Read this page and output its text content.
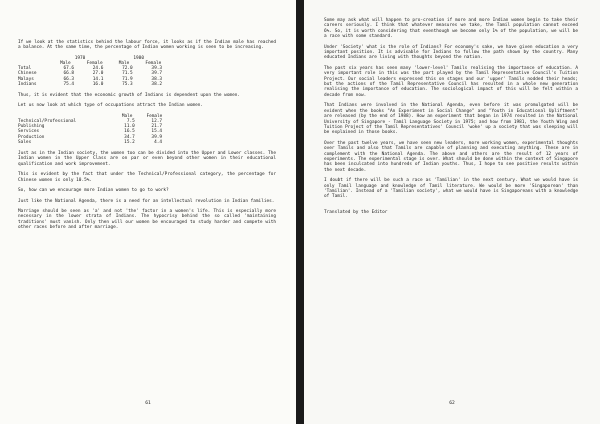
If we look at the statistics behind the labour force, it looks as if the Indian male has reached a balance. At the same time, the percentage of Indian women working is seen to be increasing.

	1970		1980	
	Male	Female	Male	Female
Total	67.6	24.6	72.0	39.3
Chinese	66.8	27.0	71.5	39.7
Malays	66.3	14.1	71.9	38.3
Indians	75.4	16.0	75.3	38.2

Thus, it is evident that the economic growth of Indians is dependent upon the women.

Let us now look at which type of occupations attract the Indian women.

	Male	Female
Technical/Professional	7.5	12.7
Publishing	11.0	21.7
Services	16.5	15.4
Production	34.7	39.9
Sales	15.2	4.4

Just as in the Indian society, the women too can be divided into the Upper and Lower classes. The Indian women in the Upper Class are on par or even beyond other women in their educational qualification and work improvement.

This is evident by the fact that under the Technical/Professional category, the percentage for Chinese women is only 10.5%.

So, how can we encourage more Indian women to go to work?

Just like the National Agenda, there is a need for an intellectual revolution in Indian families.

Marriage should be seen as 'a' and not 'the' factor in a women's life. This is especially more necessary in the lower strata of Indians. The hypocrisy behind the so called 'maintaining traditions' must vanish. Only then will our women be encouraged to study harder and compete with other races before and after marriage.

61

Some may ask what will happen to pro-creation if more and more Indian women begin to take their careers seriously. I think that whatever measures we take, the Tamil population cannot exceed 6%. So, it is worth considering that eventhough we become only 1% of the population, we will be a race with some standard.

Under 'Society' what is the role of Indians? For economy's sake, we have given education a very important position. It is advisable for Indians to follow the path shown by the country. Many educated Indians are living with thoughts beyond the nation.

The past six years has seen many 'lower-level' Tamils realising the importance of education. A very important role in this was the part played by the Tamil Representative Council's Tuition Project. Our social leaders expressed this on stages and our 'upper' Tamils nodded their heads; but the actions of the Tamil Representative Council has resulted in a whole new generation realising the importance of education. The sociological impact of this will be felt within a decade from now.

That Indians were involved in the National Agenda, even before it was promulgated will be evident when the books "An Experiment in Social Change" and "Youth in Educational Upliftment" are released (by the end of 1988). How an experiment that began in 1974 resulted in the National University of Singapore - Tamil Language Society in 1975; and how from 1981, the Youth Wing and Tuition Project of the Tamil Representatives' Council 'woke' up a society that was sleeping will be explained in those books.

Over the past twelve years, we have seen new leaders, more working women, experimental thoughts over Tamils and also that Tamils are capable of planning and executing anything. These are in complement with the National Agenda. The above and others are the result of 12 years of experiments. The experimental stage is over. What should be done within the context of Singapore has been inculcated into hundreds of Indian youths. Thus, I hope to see positive results within the next decade.

I doubt if there will be such a race as 'Tamilian' in the next century. What we would have is only Tamil language and knowledge of Tamil literature. We would be more 'Singaporean' than 'Tamilian'. Instead of a 'Tamilian society', what we would have is Singaporeans with a knowledge of Tamil.

Translated by the Editor

62
